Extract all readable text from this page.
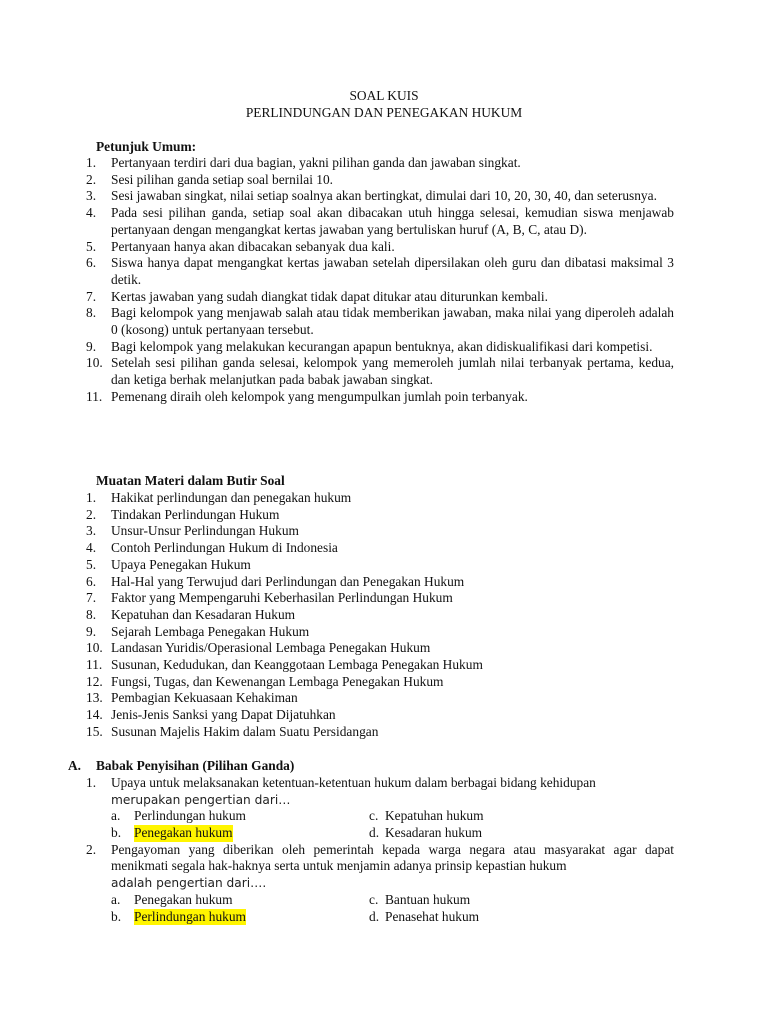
SOAL KUIS
PERLINDUNGAN DAN PENEGAKAN HUKUM
Petunjuk Umum:
1. Pertanyaan terdiri dari dua bagian, yakni pilihan ganda dan jawaban singkat.
2. Sesi pilihan ganda setiap soal bernilai 10.
3. Sesi jawaban singkat, nilai setiap soalnya akan bertingkat, dimulai dari 10, 20, 30, 40, dan seterusnya.
4. Pada sesi pilihan ganda, setiap soal akan dibacakan utuh hingga selesai, kemudian siswa menjawab pertanyaan dengan mengangkat kertas jawaban yang bertuliskan huruf (A, B, C, atau D).
5. Pertanyaan hanya akan dibacakan sebanyak dua kali.
6. Siswa hanya dapat mengangkat kertas jawaban setelah dipersilakan oleh guru dan dibatasi maksimal 3 detik.
7. Kertas jawaban yang sudah diangkat tidak dapat ditukar atau diturunkan kembali.
8. Bagi kelompok yang menjawab salah atau tidak memberikan jawaban, maka nilai yang diperoleh adalah 0 (kosong) untuk pertanyaan tersebut.
9. Bagi kelompok yang melakukan kecurangan apapun bentuknya, akan didiskualifikasi dari kompetisi.
10. Setelah sesi pilihan ganda selesai, kelompok yang memeroleh jumlah nilai terbanyak pertama, kedua, dan ketiga berhak melanjutkan pada babak jawaban singkat.
11. Pemenang diraih oleh kelompok yang mengumpulkan jumlah poin terbanyak.
Muatan Materi dalam Butir Soal
1. Hakikat perlindungan dan penegakan hukum
2. Tindakan Perlindungan Hukum
3. Unsur-Unsur Perlindungan Hukum
4. Contoh Perlindungan Hukum di Indonesia
5. Upaya Penegakan Hukum
6. Hal-Hal yang Terwujud dari Perlindungan dan Penegakan Hukum
7. Faktor yang Mempengaruhi Keberhasilan Perlindungan Hukum
8. Kepatuhan dan Kesadaran Hukum
9. Sejarah Lembaga Penegakan Hukum
10. Landasan Yuridis/Operasional Lembaga Penegakan Hukum
11. Susunan, Kedudukan, dan Keanggotaan Lembaga Penegakan Hukum
12. Fungsi, Tugas, dan Kewenangan Lembaga Penegakan Hukum
13. Pembagian Kekuasaan Kehakiman
14. Jenis-Jenis Sanksi yang Dapat Dijatuhkan
15. Susunan Majelis Hakim dalam Suatu Persidangan
A. Babak Penyisihan (Pilihan Ganda)
1. Upaya untuk melaksanakan ketentuan-ketentuan hukum dalam berbagai bidang kehidupan
merupakan pengertian dari…
a. Perlindungan hukum	c. Kepatuhan hukum
b. Penegakan hukum	d. Kesadaran hukum
2. Pengayoman yang diberikan oleh pemerintah kepada warga negara atau masyarakat agar dapat menikmati segala hak-haknya serta untuk menjamin adanya prinsip kepastian hukum
adalah pengertian dari….
a. Penegakan hukum	c. Bantuan hukum
b. Perlindungan hukum	d. Penasehat hukum
